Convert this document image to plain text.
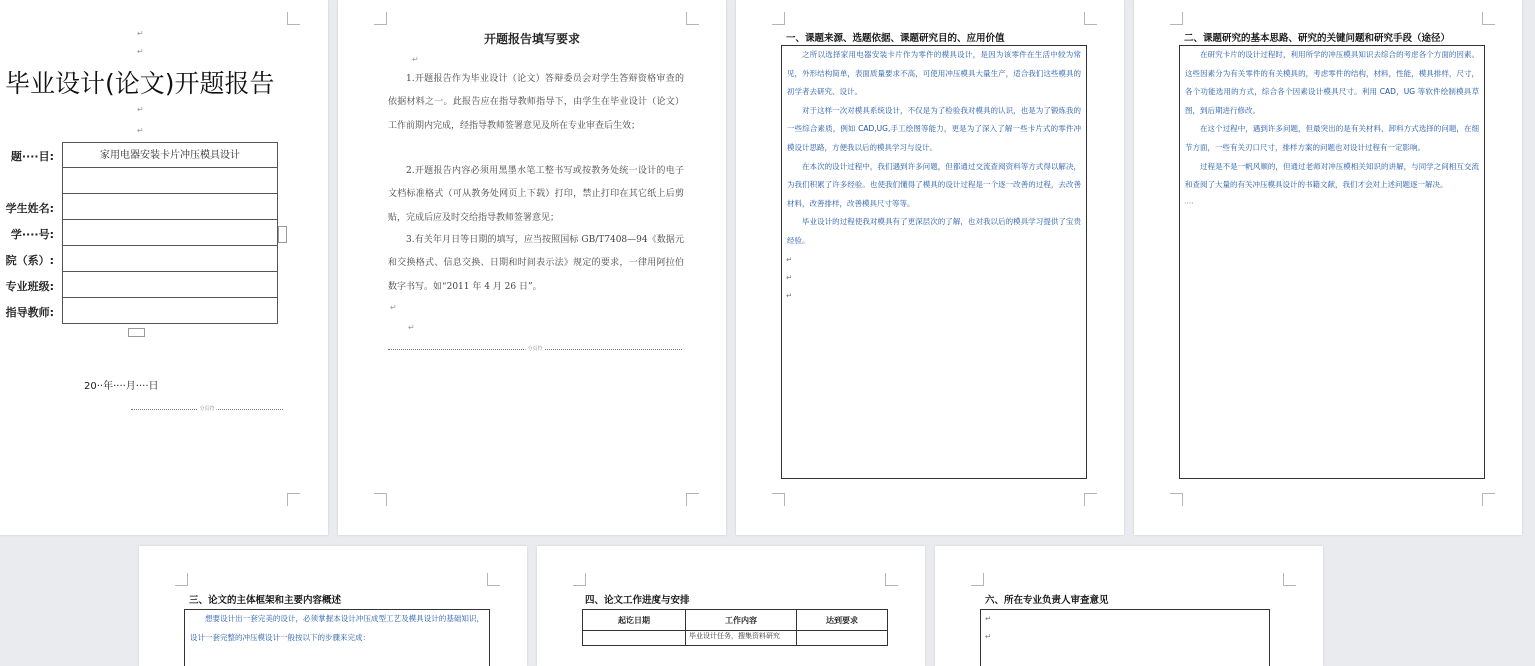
↵
↵
↵
↵
毕业设计(论文)开题报告
题····目:	家用电器安装卡片冲压模具设计
学生姓名:
学····号:
院（系）:
专业班级:
指导教师:
20··年····月····日
分页符
开题报告填写要求
↵
1.开题报告作为毕业设计（论文）答辩委员会对学生答辩资格审查的依据材料之一。此报告应在指导教师指导下，由学生在毕业设计（论文）工作前期内完成，经指导教师签署意见及所在专业审查后生效；
2.开题报告内容必须用黑墨水笔工整书写或按教务处统一设计的电子文档标准格式（可从教务处网页上下载）打印，禁止打印在其它纸上后剪贴，完成后应及时交给指导教师签署意见；
3.有关年月日等日期的填写，应当按照国标 GB/T7408—94《数据元和交换格式、信息交换、日期和时间表示法》规定的要求，一律用阿拉伯数字书写。如“2011 年 4 月 26 日”。
↵
↵
分页符
一、课题来源、选题依据、课题研究目的、应用价值

之所以选择家用电器安装卡片作为零件的模具设计，是因为该零件在生活中较为常见，外形结构简单，表面质量要求不高，可使用冲压模具大量生产，适合我们这些模具的初学者去研究、设计。

对于这样一次对模具系统设计，不仅是为了检验我对模具的认识，也是为了锻炼我的一些综合素质，例如 CAD,UG,手工绘图等能力，更是为了深入了解一些卡片式的零件冲模设计思路，方便我以后的模具学习与设计。

在本次的设计过程中，我们遇到许多问题，但都通过交流查阅资料等方式得以解决，为我们积累了许多经验。也使我们懂得了模具的设计过程是一个逐一改善的过程，去改善材料，改善排样，改善模具尺寸等等。

毕业设计的过程使我对模具有了更深层次的了解，也对我以后的模具学习提供了宝贵经验。

↵
↵
↵
二、课题研究的基本思路、研究的关键问题和研究手段（途径）

在研究卡片的设计过程时，利用所学的冲压模具知识去综合的考虑各个方面的因素。这些因素分为有关零件的有关模具的，考虑零件的结构，材料，性能，模具排样，尺寸，各个功能选用的方式，综合各个因素设计模具尺寸。利用 CAD，UG 等软件绘制模具草图，到后期进行修改。

在这个过程中，遇到许多问题，但最突出的是有关材料，卸料方式选择的问题，在细节方面，一些有关刃口尺寸，排样方案的问题也对设计过程有一定影响。

过程是不是一帆风顺的，但通过老师对冲压模相关知识的讲解，与同学之间相互交流和查阅了大量的有关冲压模具设计的书籍文献，我们才会对上述问题逐一解决。

····
三、论文的主体框架和主要内容概述

想要设计出一套完美的设计，必须掌握本设计冲压成型工艺及模具设计的基础知识，设计一套完整的冲压模设计一般按以下的步骤来完成：

四、论文工作进度与安排
起讫日期	工作内容	达到要求
	毕业设计任务，搜集资料研究	
六、所在专业负责人审查意见
↵
↵
